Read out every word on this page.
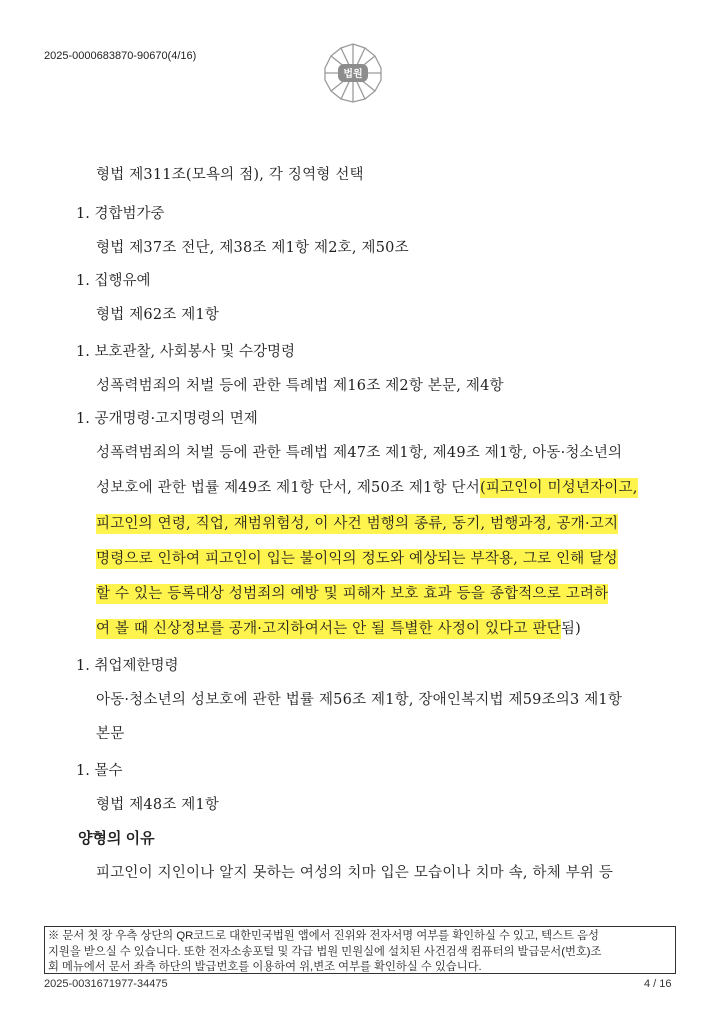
2025-0000683870-90670(4/16)
법원
형법 제311조(모욕의 점), 각 징역형 선택
1. 경합범가중
형법 제37조 전단, 제38조 제1항 제2호, 제50조
1. 집행유예
형법 제62조 제1항
1. 보호관찰, 사회봉사 및 수강명령
성폭력범죄의 처벌 등에 관한 특례법 제16조 제2항 본문, 제4항
1. 공개명령·고지명령의 면제
성폭력범죄의 처벌 등에 관한 특례법 제47조 제1항, 제49조 제1항, 아동·청소년의
성보호에 관한 법률 제49조 제1항 단서, 제50조 제1항 단서(피고인이 미성년자이고,
피고인의 연령, 직업, 재범위험성, 이 사건 범행의 종류, 동기, 범행과정, 공개·고지
명령으로 인하여 피고인이 입는 불이익의 정도와 예상되는 부작용, 그로 인해 달성
할 수 있는 등록대상 성범죄의 예방 및 피해자 보호 효과 등을 종합적으로 고려하
여 볼 때 신상정보를 공개·고지하여서는 안 될 특별한 사정이 있다고 판단됨)
1. 취업제한명령
아동·청소년의 성보호에 관한 법률 제56조 제1항, 장애인복지법 제59조의3 제1항
본문
1. 몰수
형법 제48조 제1항
양형의 이유
피고인이 지인이나 알지 못하는 여성의 치마 입은 모습이나 치마 속, 하체 부위 등
※ 문서 첫 장 우측 상단의 QR코드로 대한민국법원 앱에서 진위와 전자서명 여부를 확인하실 수 있고, 텍스트 음성
지원을 받으실 수 있습니다. 또한 전자소송포털 및 각급 법원 민원실에 설치된 사건검색 컴퓨터의 발급문서(번호)조
회 메뉴에서 문서 좌측 하단의 발급번호를 이용하여 위,변조 여부를 확인하실 수 있습니다.
2025-0031671977-34475	4 / 16
